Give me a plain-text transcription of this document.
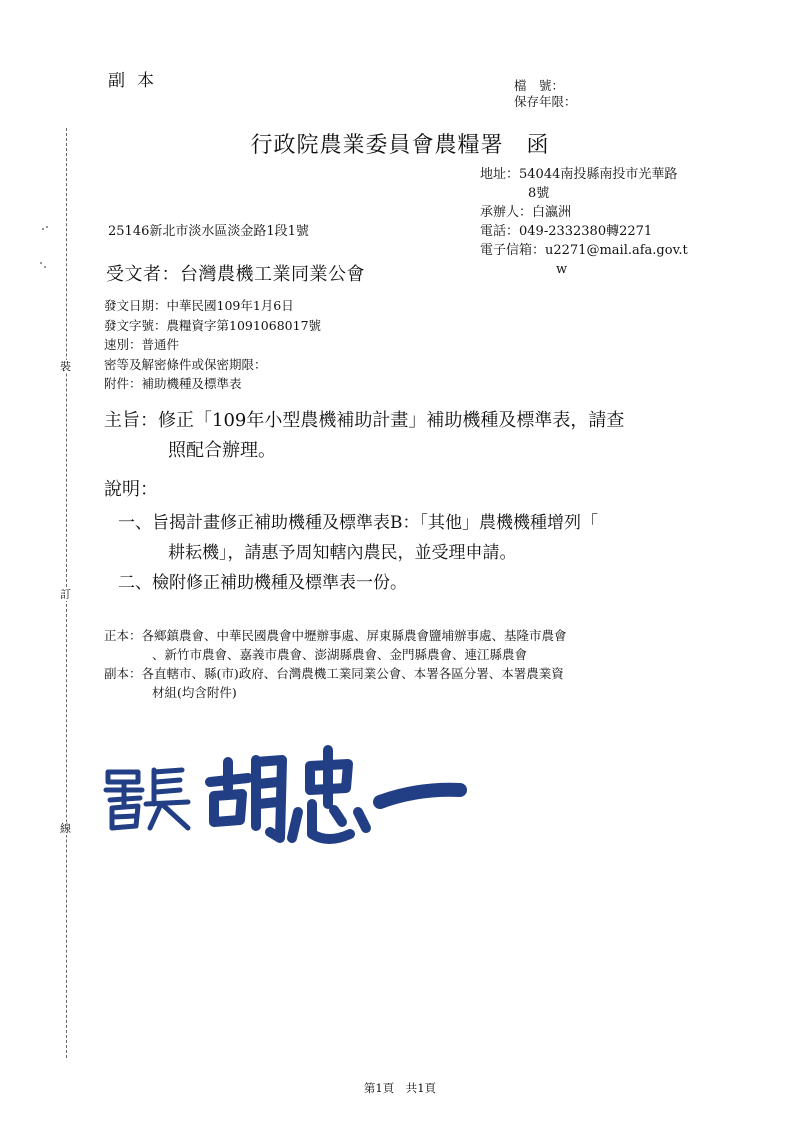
裝
訂
線
副本	檔　號：
保存年限：
行政院農業委員會農糧署　函
地址：54044南投縣南投市光華路
8號
承辦人：白瀛洲
電話：049-2332380轉2271
電子信箱：u2271@mail.afa.gov.t
w
25146新北市淡水區淡金路1段1號
受文者：台灣農機工業同業公會
發文日期：中華民國109年1月6日
發文字號：農糧資字第1091068017號
速別：普通件
密等及解密條件或保密期限：
附件：補助機種及標準表
主旨：修正「109年小型農機補助計畫」補助機種及標準表，請查
照配合辦理。
說明：
一、旨揭計畫修正補助機種及標準表B：「其他」農機機種增列「
耕耘機」，請惠予周知轄內農民，並受理申請。
二、檢附修正補助機種及標準表一份。
正本：各鄉鎮農會、中華民國農會中壢辦事處、屏東縣農會鹽埔辦事處、基隆市農會
、新竹市農會、嘉義市農會、澎湖縣農會、金門縣農會、連江縣農會
副本：各直轄市、縣(市)政府、台灣農機工業同業公會、本署各區分署、本署農業資
材組(均含附件)
署長	胡忠一
第1頁　共1頁
